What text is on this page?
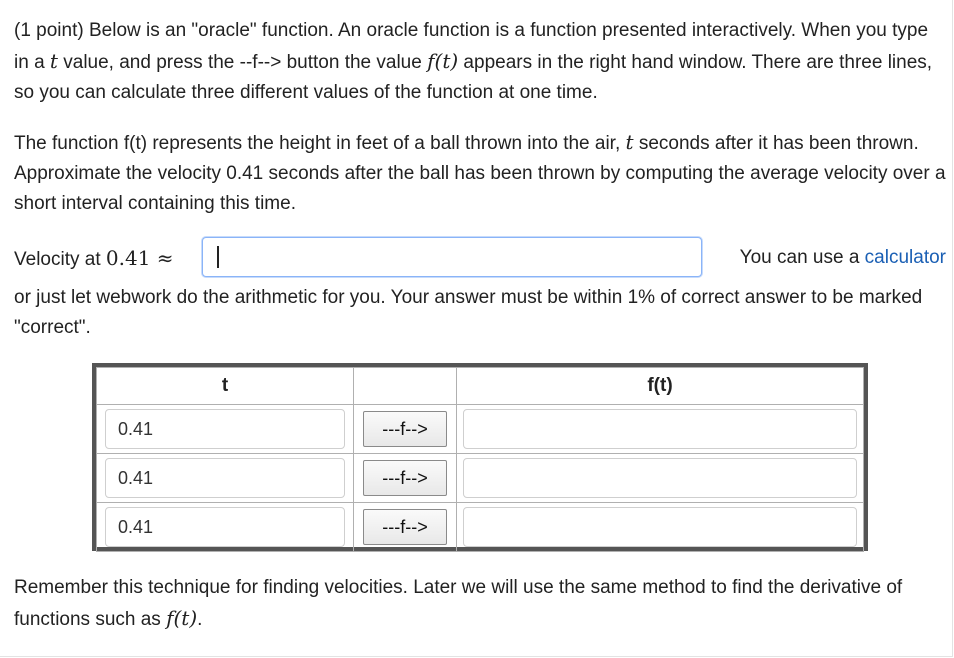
(1 point) Below is an "oracle" function. An oracle function is a function presented interactively. When you type in a t value, and press the --f--> button the value f(t) appears in the right hand window. There are three lines, so you can calculate three different values of the function at one time.

The function f(t) represents the height in feet of a ball thrown into the air, t seconds after it has been thrown. Approximate the velocity 0.41 seconds after the ball has been thrown by computing the average velocity over a short interval containing this time.

Velocity at 0.41 ≈	You can use a calculator

or just let webwork do the arithmetic for you. Your answer must be within 1% of correct answer to be marked "correct".

t		f(t)

0.41	---f-->	

0.41	---f-->	

0.41	---f-->	

Remember this technique for finding velocities. Later we will use the same method to find the derivative of functions such as f(t).
